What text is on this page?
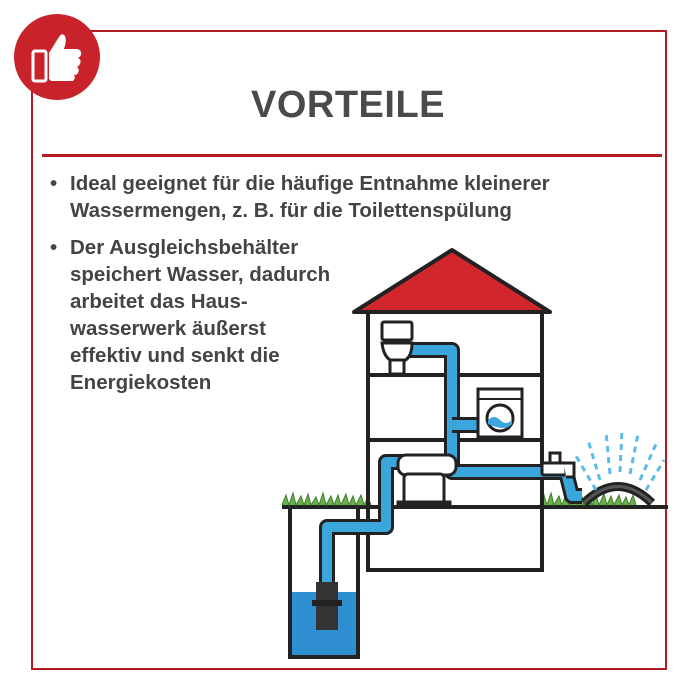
VORTEILE
• Ideal geeignet für die häufige Entnahme kleinerer
Wassermengen, z. B. für die Toilettenspülung
• Der Ausgleichsbehälter
speichert Wasser, dadurch
arbeitet das Haus-
wasserwerk äußerst
effektiv und senkt die
Energiekosten
